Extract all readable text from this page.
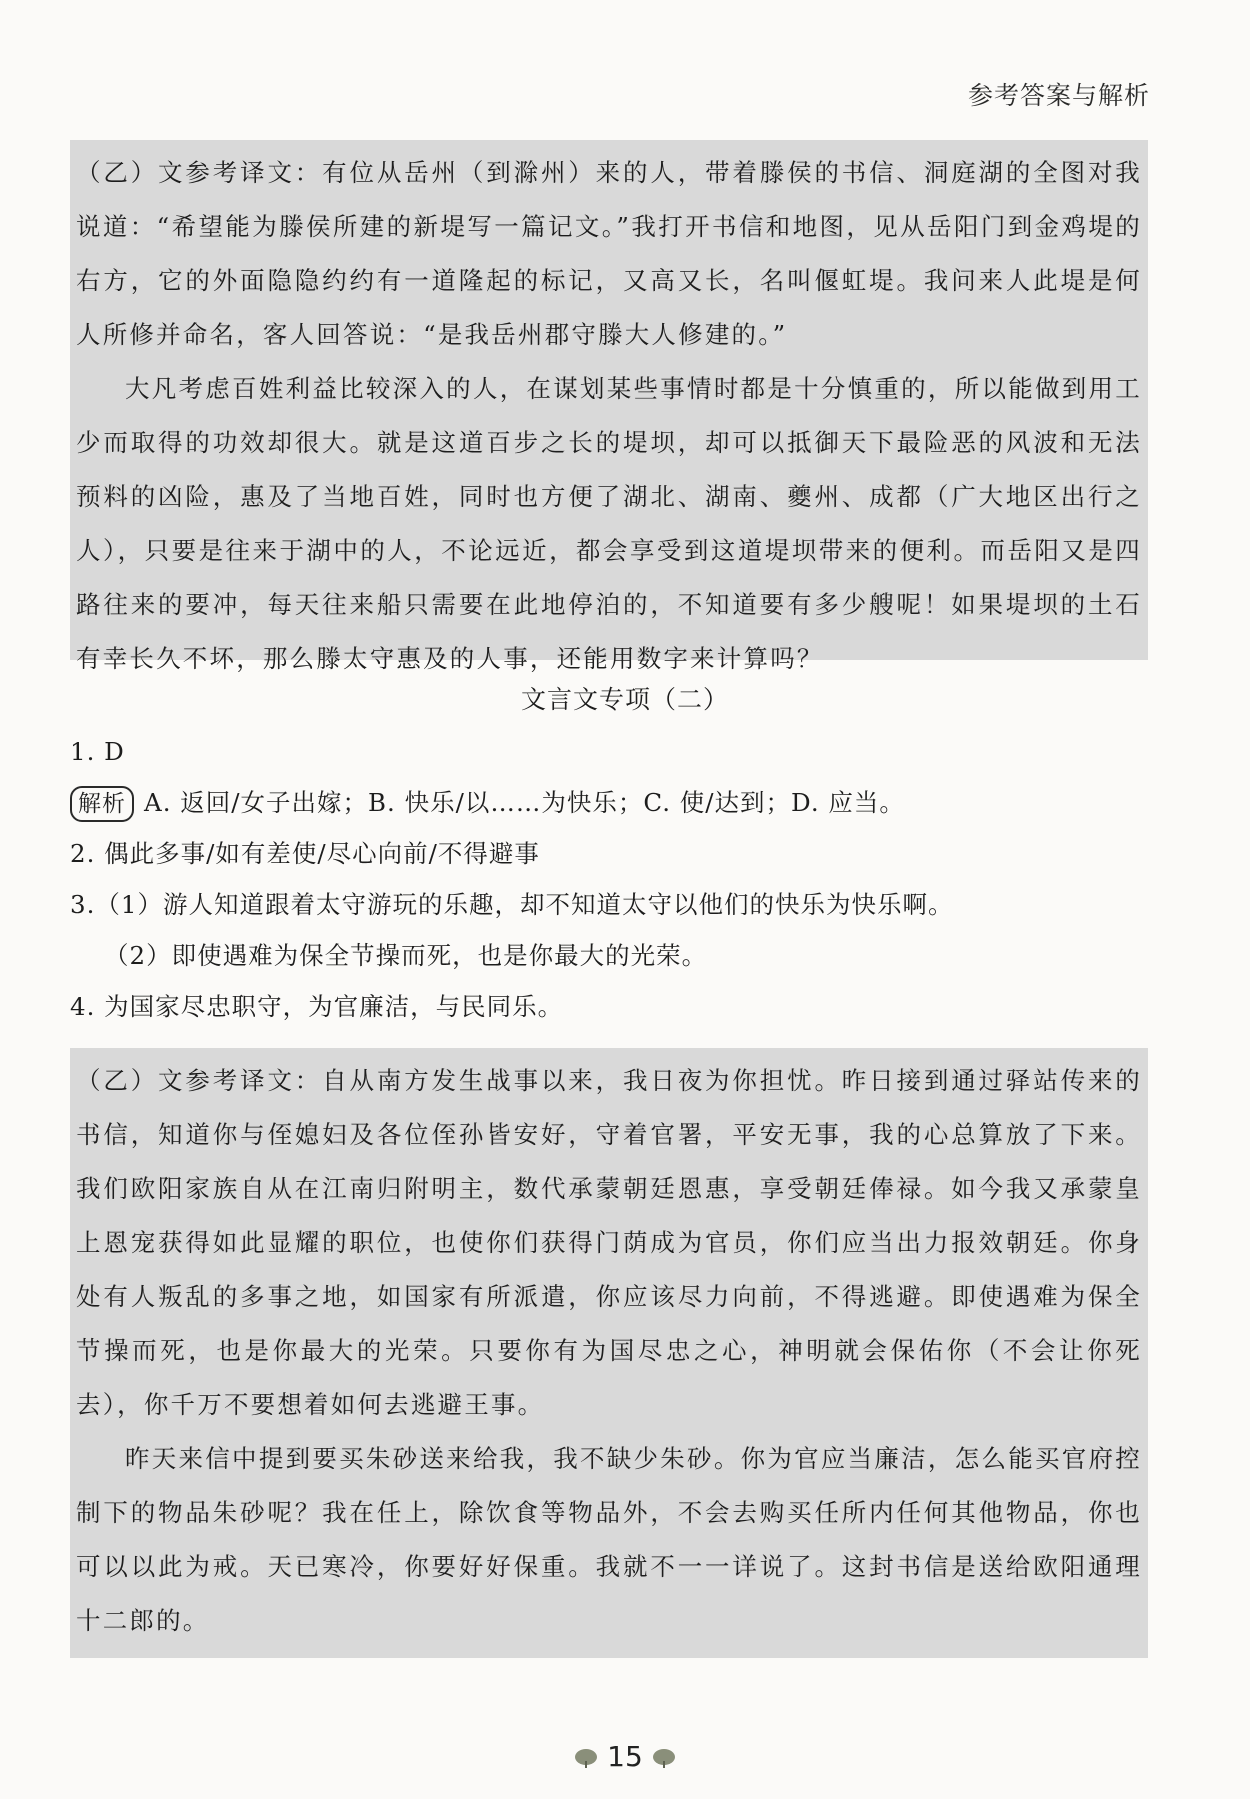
参考答案与解析

（乙）文参考译文：有位从岳州（到滁州）来的人，带着滕侯的书信、洞庭湖的全图对我说道：“希望能为滕侯所建的新堤写一篇记文。”我打开书信和地图，见从岳阳门到金鸡堤的右方，它的外面隐隐约约有一道隆起的标记，又高又长，名叫偃虹堤。我问来人此堤是何人所修并命名，客人回答说：“是我岳州郡守滕大人修建的。”

大凡考虑百姓利益比较深入的人，在谋划某些事情时都是十分慎重的，所以能做到用工少而取得的功效却很大。就是这道百步之长的堤坝，却可以抵御天下最险恶的风波和无法预料的凶险，惠及了当地百姓，同时也方便了湖北、湖南、夔州、成都（广大地区出行之人），只要是往来于湖中的人，不论远近，都会享受到这道堤坝带来的便利。而岳阳又是四路往来的要冲，每天往来船只需要在此地停泊的，不知道要有多少艘呢！如果堤坝的土石有幸长久不坏，那么滕太守惠及的人事，还能用数字来计算吗？

文言文专项（二）
1. D
解析 A. 返回/女子出嫁；B. 快乐/以……为快乐；C. 使/达到；D. 应当。
2. 偶此多事/如有差使/尽心向前/不得避事
3.（1）游人知道跟着太守游玩的乐趣，却不知道太守以他们的快乐为快乐啊。
（2）即使遇难为保全节操而死，也是你最大的光荣。
4. 为国家尽忠职守，为官廉洁，与民同乐。

（乙）文参考译文：自从南方发生战事以来，我日夜为你担忧。昨日接到通过驿站传来的书信，知道你与侄媳妇及各位侄孙皆安好，守着官署，平安无事，我的心总算放了下来。我们欧阳家族自从在江南归附明主，数代承蒙朝廷恩惠，享受朝廷俸禄。如今我又承蒙皇上恩宠获得如此显耀的职位，也使你们获得门荫成为官员，你们应当出力报效朝廷。你身处有人叛乱的多事之地，如国家有所派遣，你应该尽力向前，不得逃避。即使遇难为保全节操而死，也是你最大的光荣。只要你有为国尽忠之心，神明就会保佑你（不会让你死去），你千万不要想着如何去逃避王事。

昨天来信中提到要买朱砂送来给我，我不缺少朱砂。你为官应当廉洁，怎么能买官府控制下的物品朱砂呢？我在任上，除饮食等物品外，不会去购买任所内任何其他物品，你也可以以此为戒。天已寒冷，你要好好保重。我就不一一详说了。这封书信是送给欧阳通理十二郎的。

15
